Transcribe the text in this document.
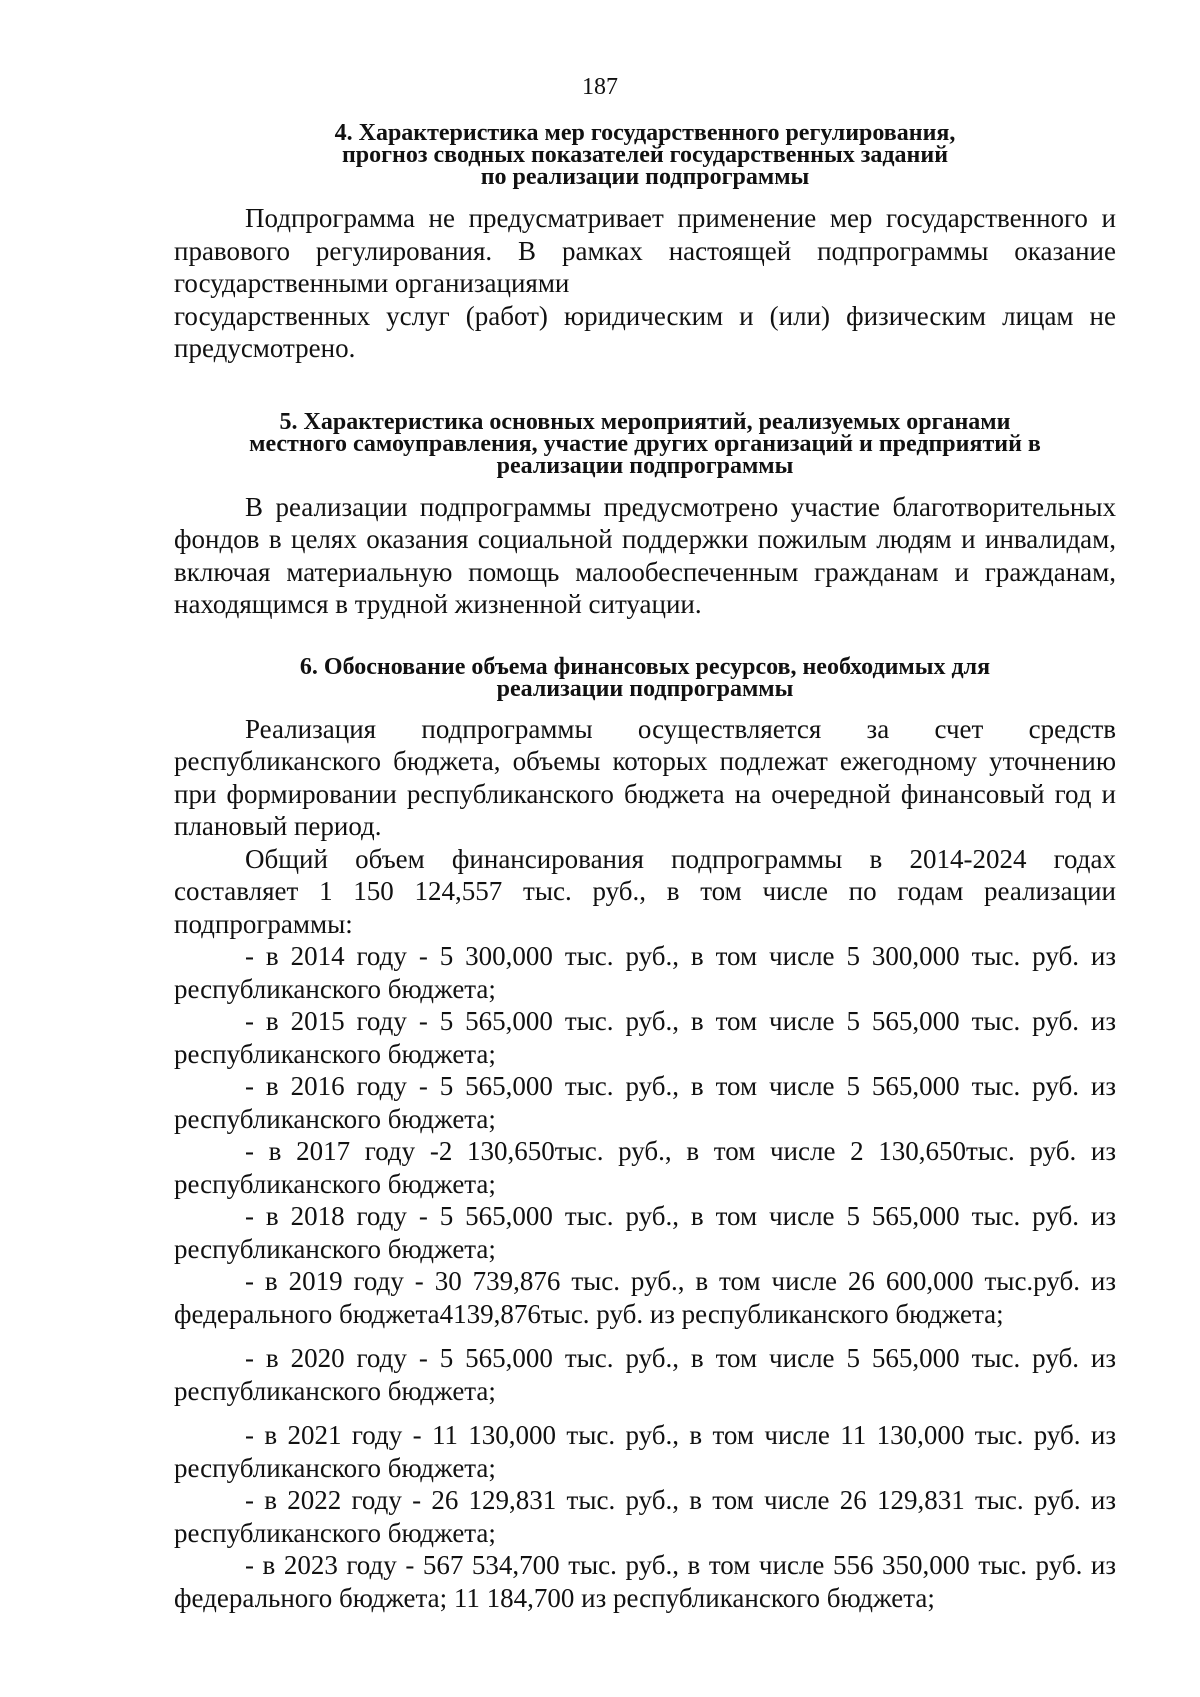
187
4. Характеристика мер государственного регулирования,
прогноз сводных показателей государственных заданий
по реализации подпрограммы

Подпрограмма не предусматривает применение мер государственного и правового регулирования. В рамках настоящей подпрограммы оказание государственными организациями

государственных услуг (работ) юридическим и (или) физическим лицам не предусмотрено.

5. Характеристика основных мероприятий, реализуемых органами
местного самоуправления, участие других организаций и предприятий в
реализации подпрограммы

В реализации подпрограммы предусмотрено участие благотворительных фондов в целях оказания социальной поддержки пожилым людям и инвалидам, включая материальную помощь малообеспеченным гражданам и гражданам, находящимся в трудной жизненной ситуации.

6. Обоснование объема финансовых ресурсов, необходимых для
реализации подпрограммы

Реализация подпрограммы осуществляется за счет средств республиканского бюджета, объемы которых подлежат ежегодному уточнению при формировании республиканского бюджета на очередной финансовый год и плановый период.

Общий объем финансирования подпрограммы в 2014-2024 годах составляет 1 150 124,557 тыс. руб., в том числе по годам реализации подпрограммы:

- в 2014 году - 5 300,000 тыс. руб., в том числе 5 300,000 тыс. руб. из республиканского бюджета;

- в 2015 году - 5 565,000 тыс. руб., в том числе 5 565,000 тыс. руб. из республиканского бюджета;

- в 2016 году - 5 565,000 тыс. руб., в том числе 5 565,000 тыс. руб. из республиканского бюджета;

- в 2017 году -2 130,650тыс. руб., в том числе 2 130,650тыс. руб. из республиканского бюджета;

- в 2018 году - 5 565,000 тыс. руб., в том числе 5 565,000 тыс. руб. из республиканского бюджета;

- в 2019 году - 30 739,876 тыс. руб., в том числе 26 600,000 тыс.руб. из федерального бюджета4139,876тыс. руб. из республиканского бюджета;

- в 2020 году - 5 565,000 тыс. руб., в том числе 5 565,000 тыс. руб. из республиканского бюджета;

- в 2021 году - 11 130,000 тыс. руб., в том числе 11 130,000 тыс. руб. из республиканского бюджета;

- в 2022 году - 26 129,831 тыс. руб., в том числе 26 129,831 тыс. руб. из республиканского бюджета;

- в 2023 году - 567 534,700 тыс. руб., в том числе 556 350,000 тыс. руб. из федерального бюджета; 11 184,700 из республиканского бюджета;
